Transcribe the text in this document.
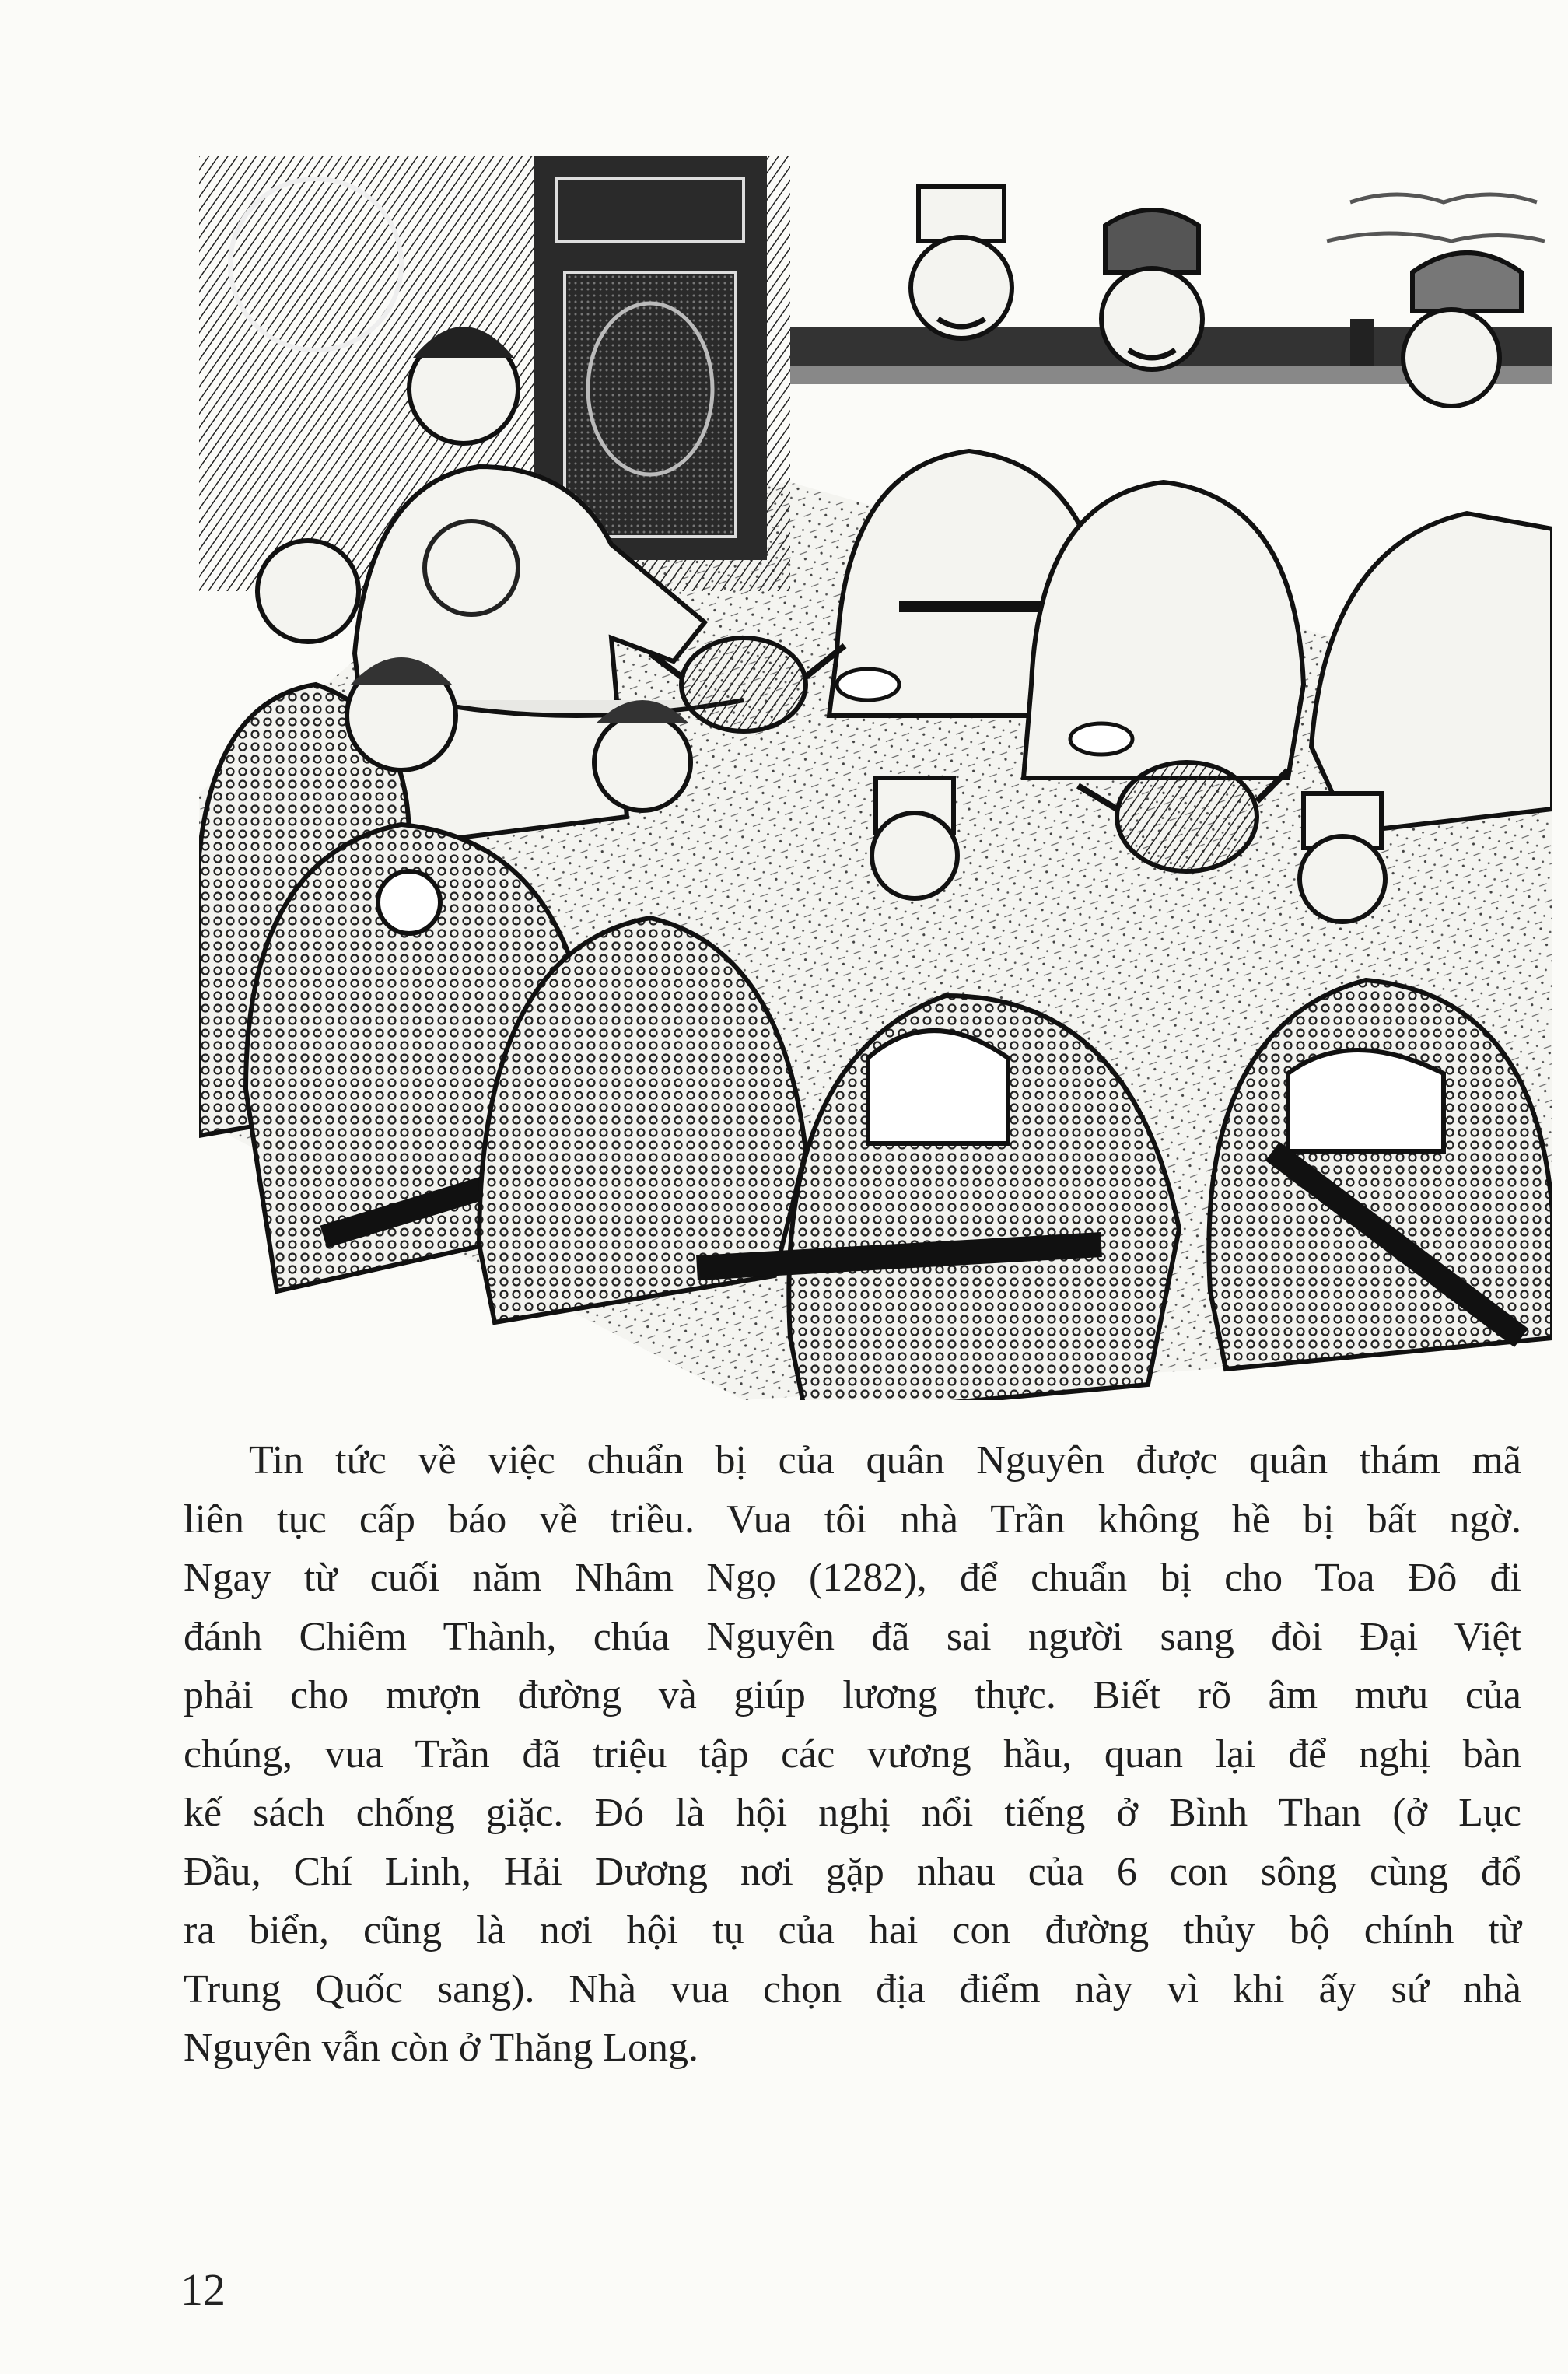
Tin tức về việc chuẩn bị của quân Nguyên được quân thám mã
liên tục cấp báo về triều. Vua tôi nhà Trần không hề bị bất ngờ.
Ngay từ cuối năm Nhâm Ngọ (1282), để chuẩn bị cho Toa Đô đi
đánh Chiêm Thành, chúa Nguyên đã sai người sang đòi Đại Việt
phải cho mượn đường và giúp lương thực. Biết rõ âm mưu của
chúng, vua Trần đã triệu tập các vương hầu, quan lại để nghị bàn
kế sách chống giặc. Đó là hội nghị nổi tiếng ở Bình Than (ở Lục
Đầu, Chí Linh, Hải Dương nơi gặp nhau của 6 con sông cùng đổ
ra biển, cũng là nơi hội tụ của hai con đường thủy bộ chính từ
Trung Quốc sang). Nhà vua chọn địa điểm này vì khi ấy sứ nhà
Nguyên vẫn còn ở Thăng Long.
12
